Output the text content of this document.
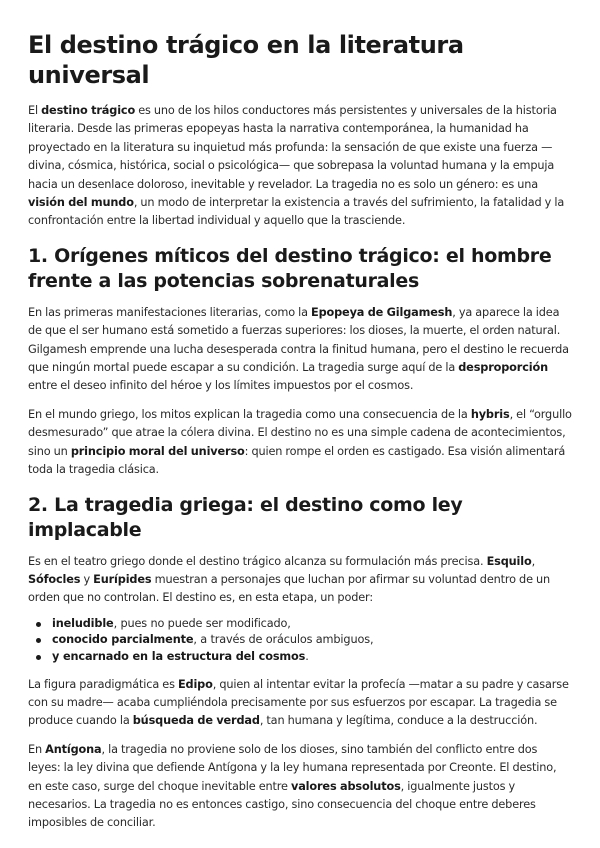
El destino trágico en la literatura universal

El destino trágico es uno de los hilos conductores más persistentes y universales de la historia literaria. Desde las primeras epopeyas hasta la narrativa contemporánea, la humanidad ha proyectado en la literatura su inquietud más profunda: la sensación de que existe una fuerza —divina, cósmica, histórica, social o psicológica— que sobrepasa la voluntad humana y la empuja hacia un desenlace doloroso, inevitable y revelador. La tragedia no es solo un género: es una visión del mundo, un modo de interpretar la existencia a través del sufrimiento, la fatalidad y la confrontación entre la libertad individual y aquello que la trasciende.

1. Orígenes míticos del destino trágico: el hombre frente a las potencias sobrenaturales

En las primeras manifestaciones literarias, como la Epopeya de Gilgamesh, ya aparece la idea de que el ser humano está sometido a fuerzas superiores: los dioses, la muerte, el orden natural. Gilgamesh emprende una lucha desesperada contra la finitud humana, pero el destino le recuerda que ningún mortal puede escapar a su condición. La tragedia surge aquí de la desproporción entre el deseo infinito del héroe y los límites impuestos por el cosmos.

En el mundo griego, los mitos explican la tragedia como una consecuencia de la hybris, el “orgullo desmesurado” que atrae la cólera divina. El destino no es una simple cadena de acontecimientos, sino un principio moral del universo: quien rompe el orden es castigado. Esa visión alimentará toda la tragedia clásica.

2. La tragedia griega: el destino como ley implacable

Es en el teatro griego donde el destino trágico alcanza su formulación más precisa. Esquilo, Sófocles y Eurípides muestran a personajes que luchan por afirmar su voluntad dentro de un orden que no controlan. El destino es, en esta etapa, un poder:

ineludible, pues no puede ser modificado,
conocido parcialmente, a través de oráculos ambiguos,
y encarnado en la estructura del cosmos.

La figura paradigmática es Edipo, quien al intentar evitar la profecía —matar a su padre y casarse con su madre— acaba cumpliéndola precisamente por sus esfuerzos por escapar. La tragedia se produce cuando la búsqueda de verdad, tan humana y legítima, conduce a la destrucción.

En Antígona, la tragedia no proviene solo de los dioses, sino también del conflicto entre dos leyes: la ley divina que defiende Antígona y la ley humana representada por Creonte. El destino, en este caso, surge del choque inevitable entre valores absolutos, igualmente justos y necesarios. La tragedia no es entonces castigo, sino consecuencia del choque entre deberes imposibles de conciliar.
